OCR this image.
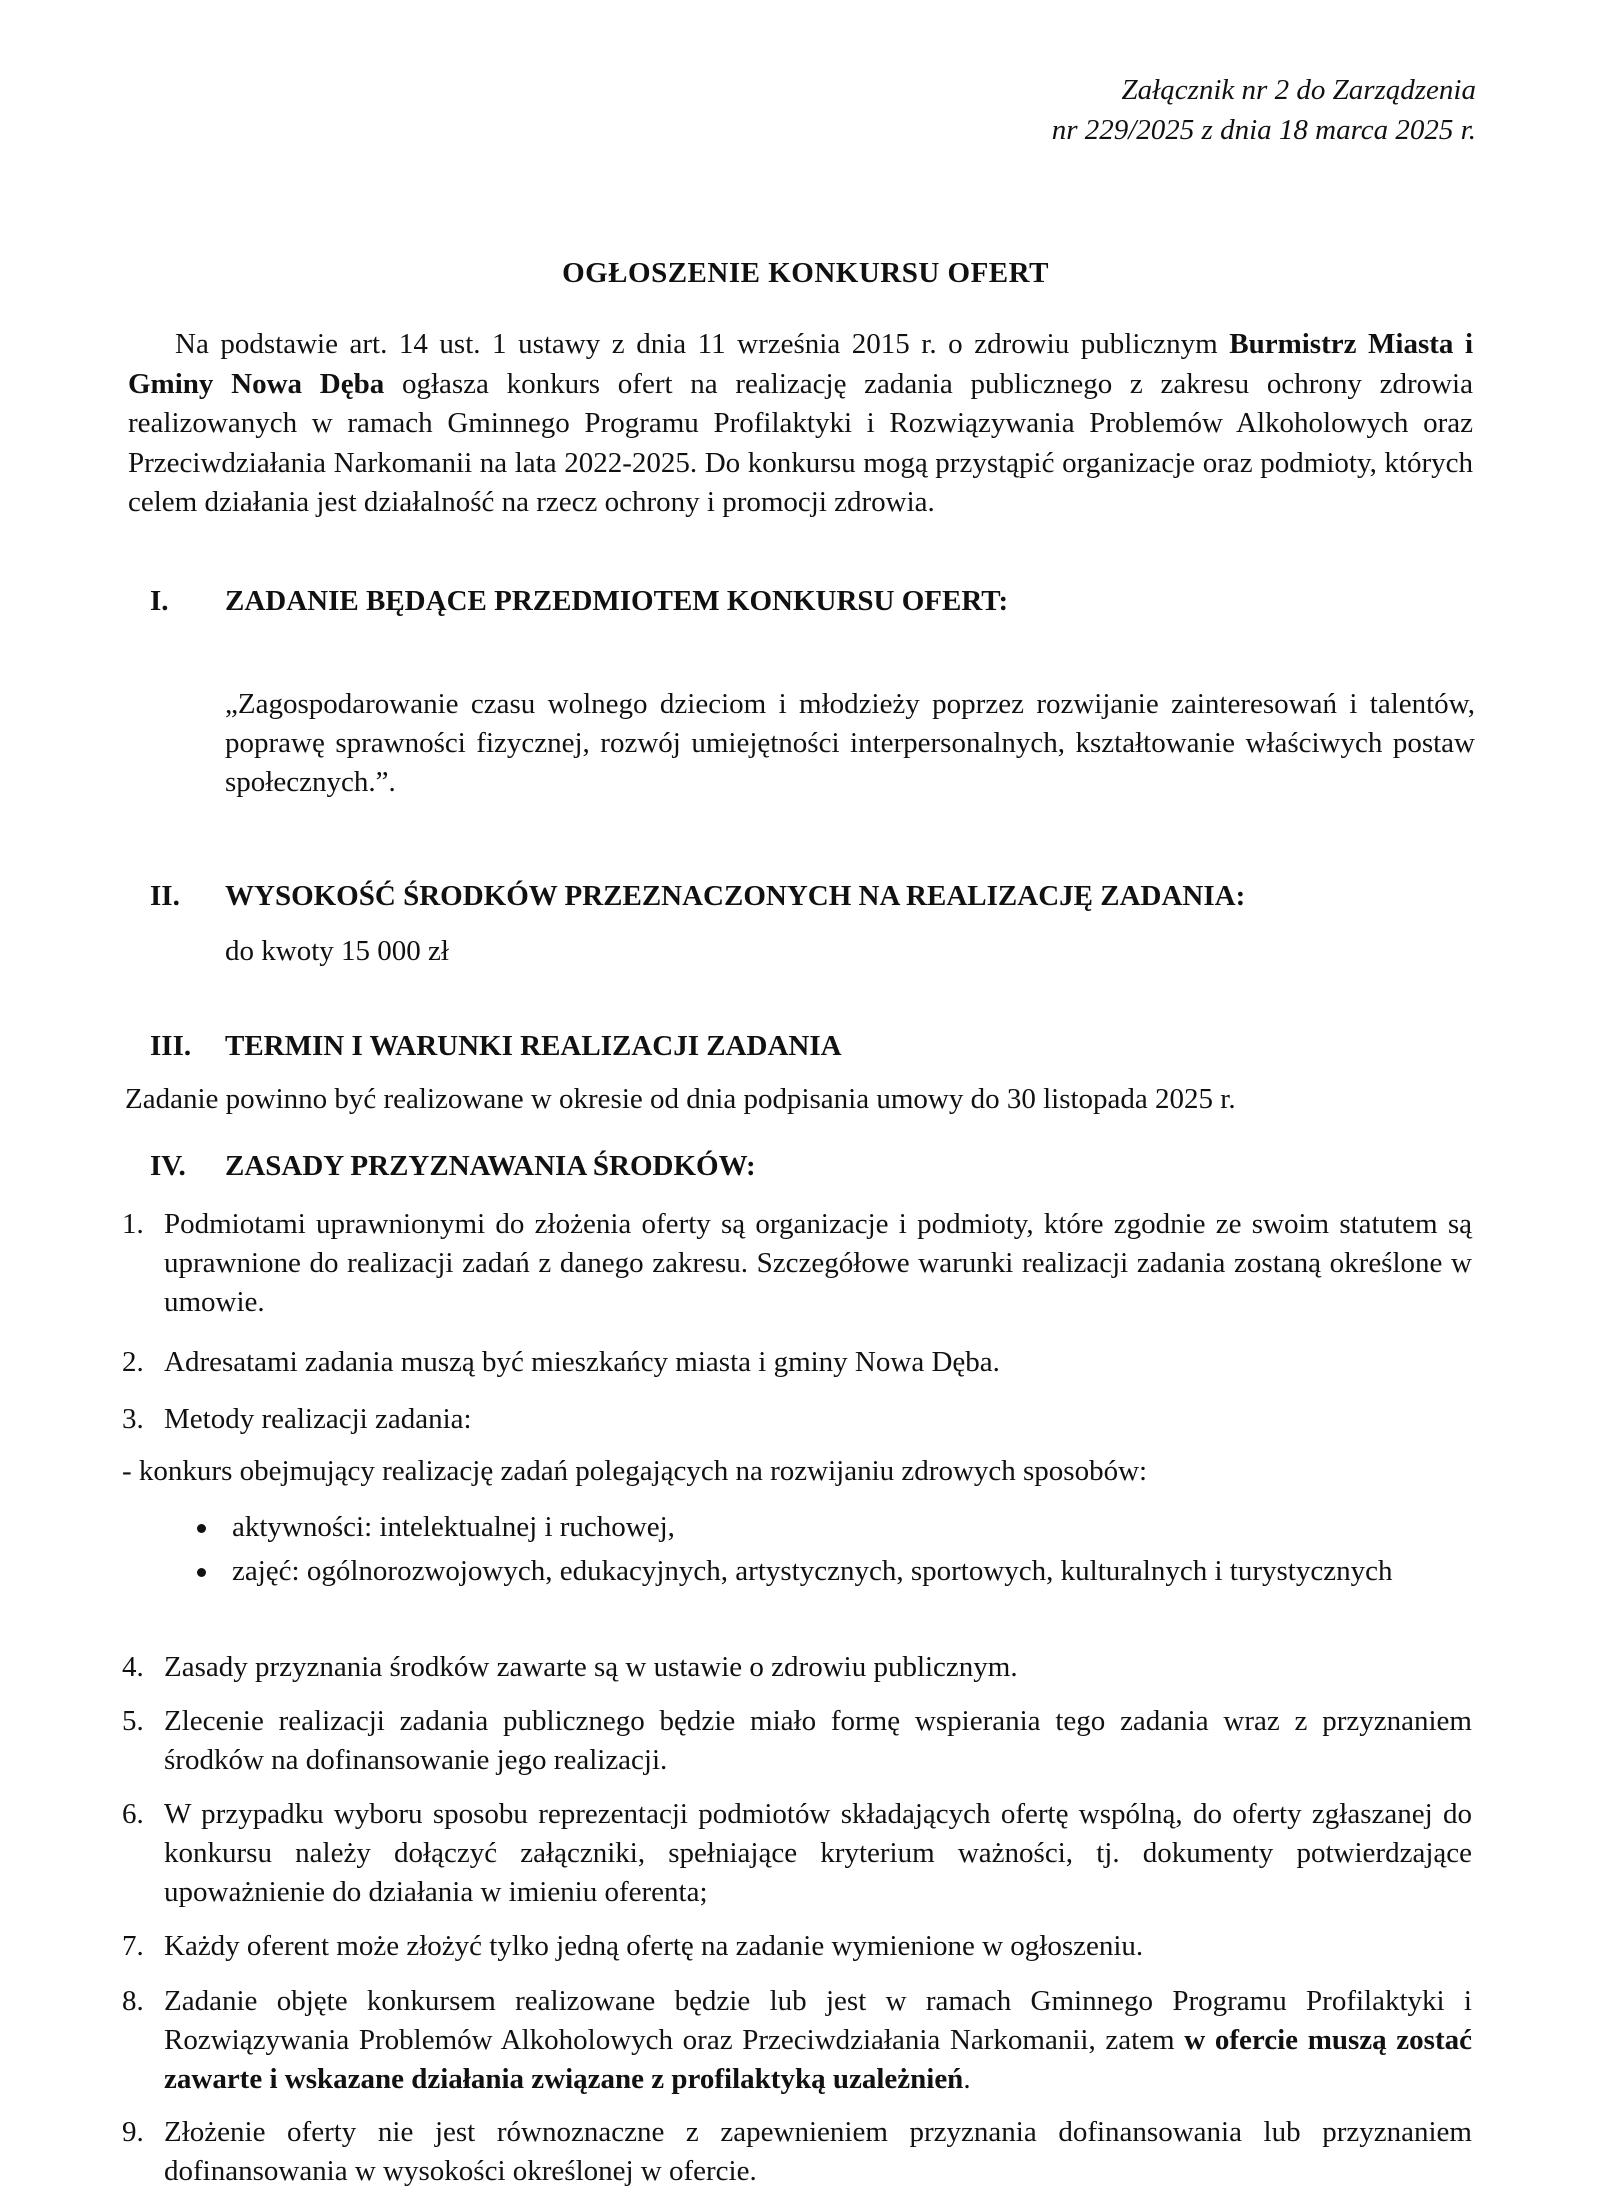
Załącznik nr 2 do Zarządzenia
nr 229/2025 z dnia 18 marca 2025 r.
OGŁOSZENIE KONKURSU OFERT
Na podstawie art. 14 ust. 1 ustawy z dnia 11 września 2015 r. o zdrowiu publicznym Burmistrz Miasta i Gminy Nowa Dęba ogłasza konkurs ofert na realizację zadania publicznego z zakresu ochrony zdrowia realizowanych w ramach Gminnego Programu Profilaktyki i Rozwiązywania Problemów Alkoholowych oraz Przeciwdziałania Narkomanii na lata 2022-2025. Do konkursu mogą przystąpić organizacje oraz podmioty, których celem działania jest działalność na rzecz ochrony i promocji zdrowia.
I. ZADANIE BĘDĄCE PRZEDMIOTEM KONKURSU OFERT:
„Zagospodarowanie czasu wolnego dzieciom i młodzieży poprzez rozwijanie zainteresowań i talentów, poprawę sprawności fizycznej, rozwój umiejętności interpersonalnych, kształtowanie właściwych postaw społecznych.”.
II. WYSOKOŚĆ ŚRODKÓW PRZEZNACZONYCH NA REALIZACJĘ ZADANIA:
do kwoty 15 000 zł
III. TERMIN I WARUNKI REALIZACJI ZADANIA
Zadanie powinno być realizowane w okresie od dnia podpisania umowy do 30 listopada 2025 r.
IV. ZASADY PRZYZNAWANIA ŚRODKÓW:
1. Podmiotami uprawnionymi do złożenia oferty są organizacje i podmioty, które zgodnie ze swoim statutem są uprawnione do realizacji zadań z danego zakresu. Szczegółowe warunki realizacji zadania zostaną określone w umowie.
2. Adresatami zadania muszą być mieszkańcy miasta i gminy Nowa Dęba.
3. Metody realizacji zadania:
- konkurs obejmujący realizację zadań polegających na rozwijaniu zdrowych sposobów:
aktywności: intelektualnej i ruchowej,
zajęć: ogólnorozwojowych, edukacyjnych, artystycznych, sportowych, kulturalnych i turystycznych
4. Zasady przyznania środków zawarte są w ustawie o zdrowiu publicznym.
5. Zlecenie realizacji zadania publicznego będzie miało formę wspierania tego zadania wraz z przyznaniem środków na dofinansowanie jego realizacji.
6. W przypadku wyboru sposobu reprezentacji podmiotów składających ofertę wspólną, do oferty zgłaszanej do konkursu należy dołączyć załączniki, spełniające kryterium ważności, tj. dokumenty potwierdzające upoważnienie do działania w imieniu oferenta;
7. Każdy oferent może złożyć tylko jedną ofertę na zadanie wymienione w ogłoszeniu.
8. Zadanie objęte konkursem realizowane będzie lub jest w ramach Gminnego Programu Profilaktyki i Rozwiązywania Problemów Alkoholowych oraz Przeciwdziałania Narkomanii, zatem w ofercie muszą zostać zawarte i wskazane działania związane z profilaktyką uzależnień.
9. Złożenie oferty nie jest równoznaczne z zapewnieniem przyznania dofinansowania lub przyznaniem dofinansowania w wysokości określonej w ofercie.
